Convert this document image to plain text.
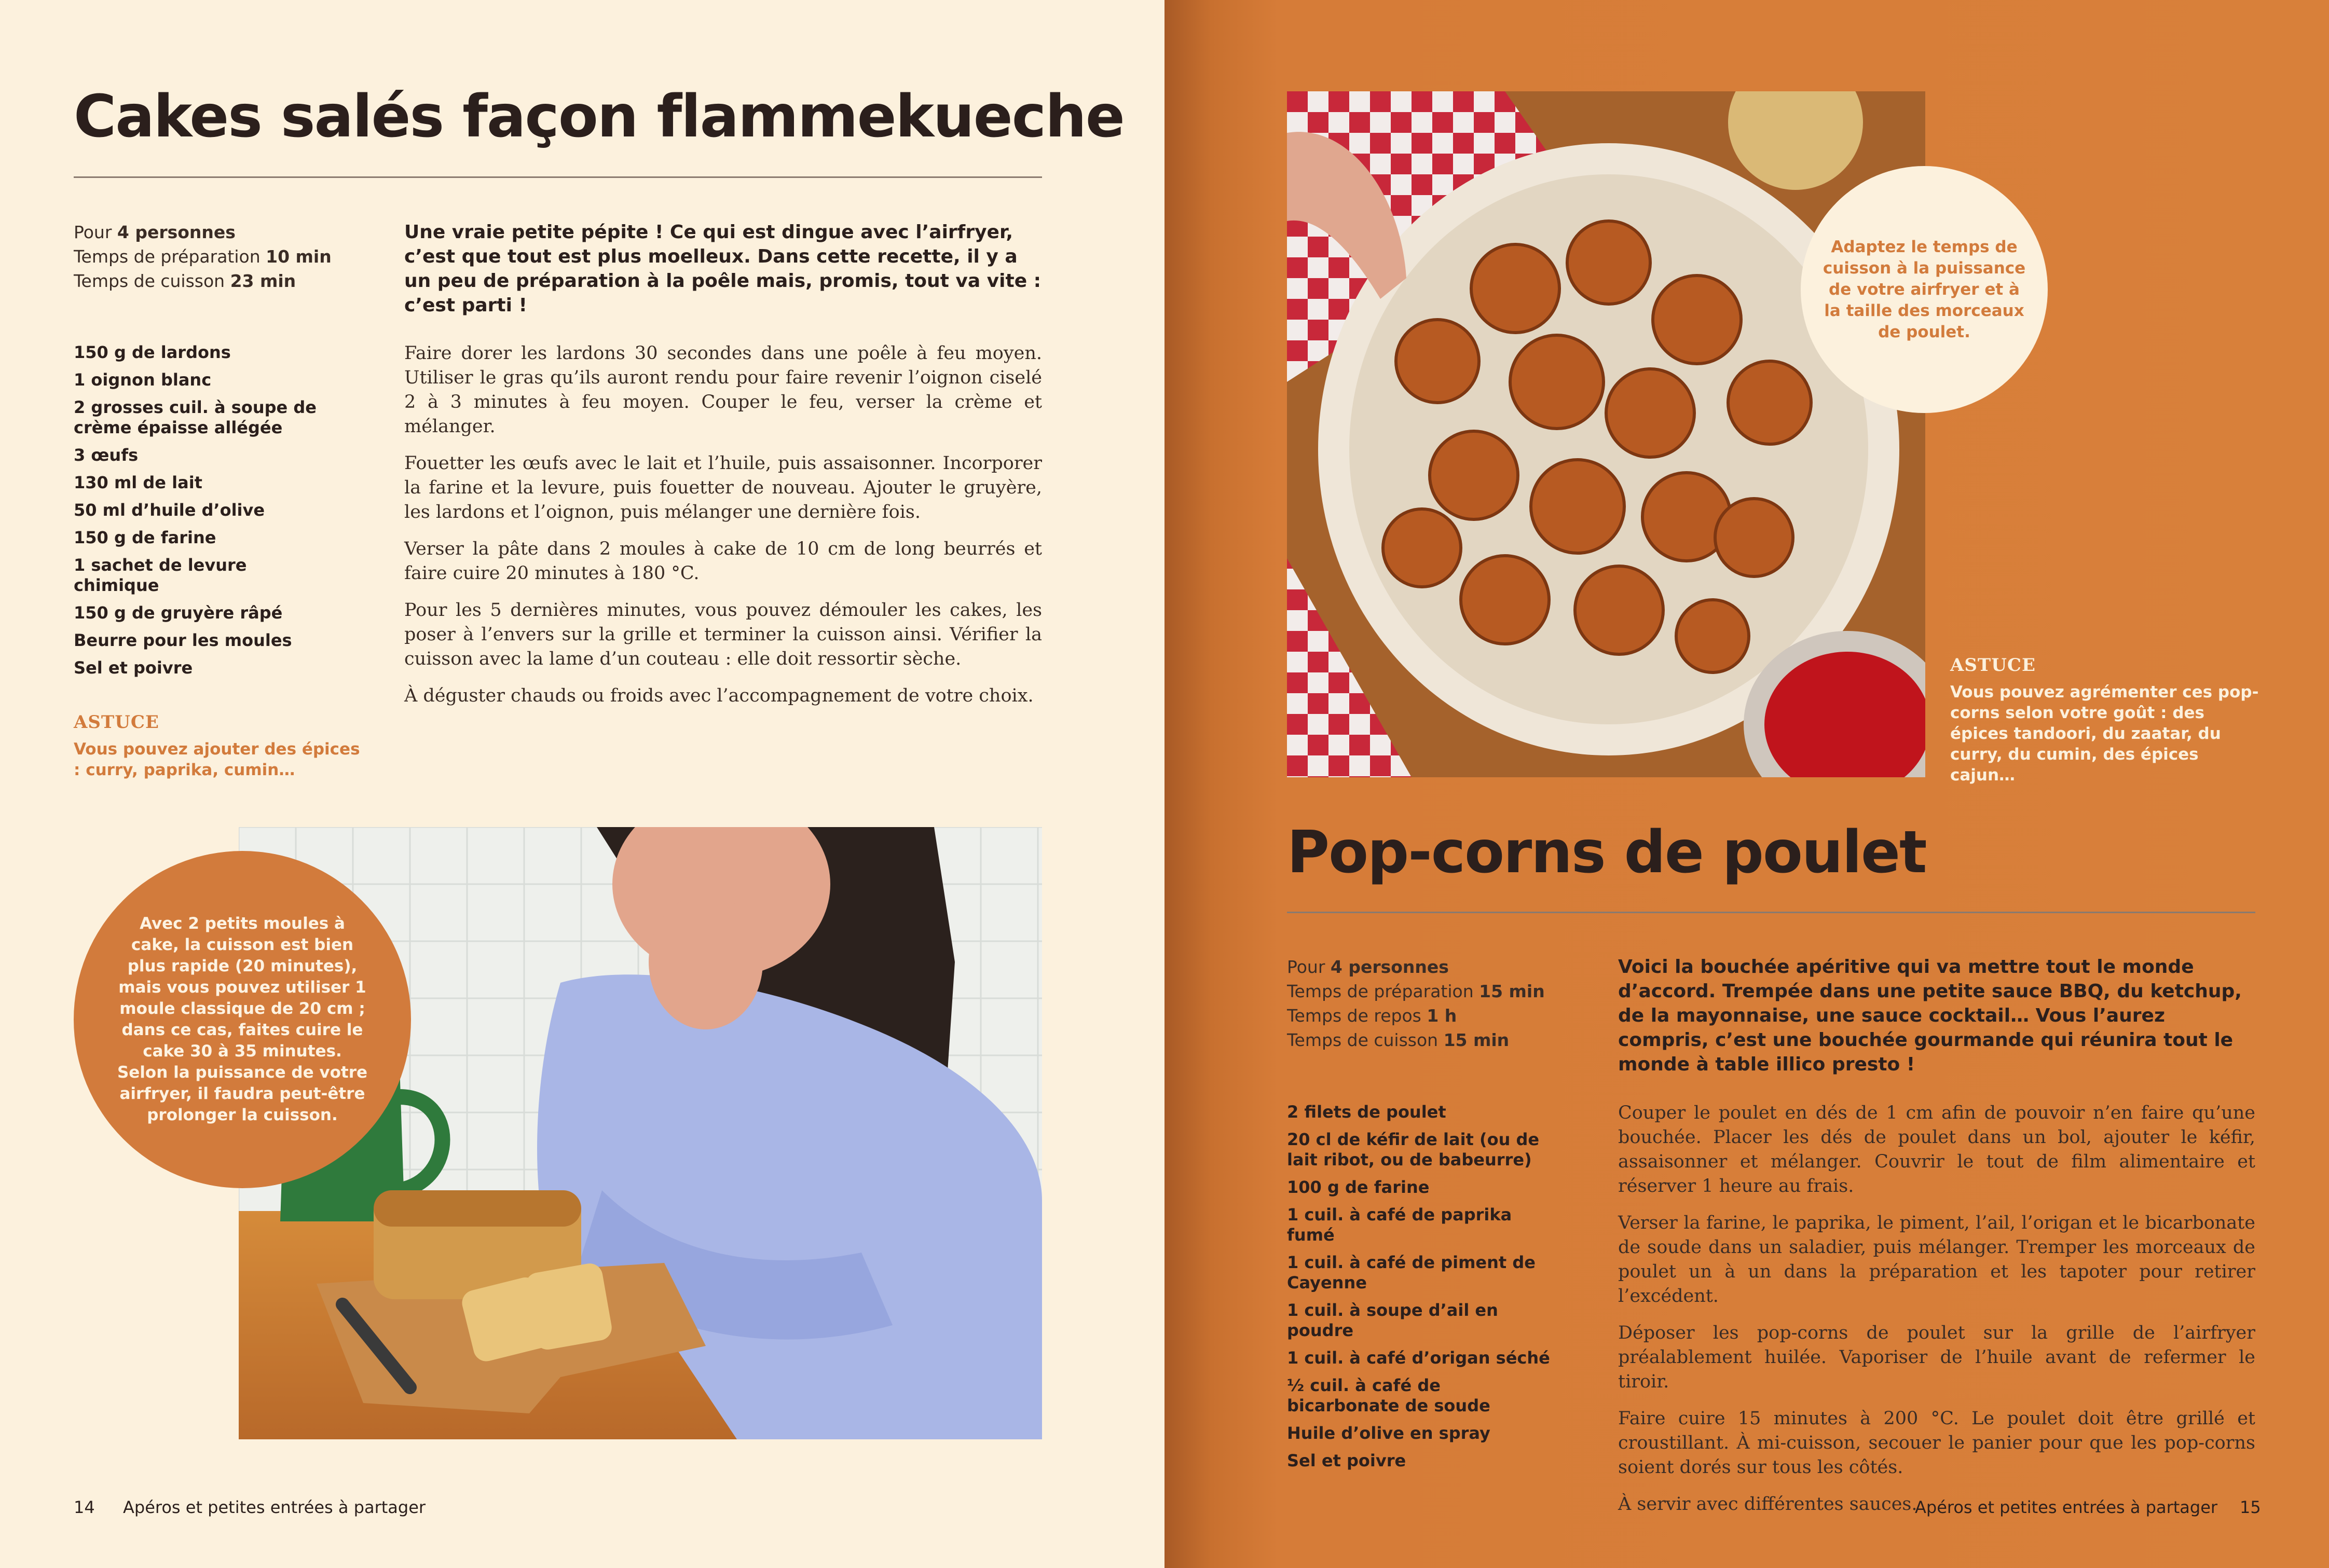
Cakes salés façon flammekueche
Pour 4 personnes
Temps de préparation 10 min
Temps de cuisson 23 min
Une vraie petite pépite ! Ce qui est dingue avec l’airfryer, c’est que tout est plus moelleux. Dans cette recette, il y a un peu de préparation à la poêle mais, promis, tout va vite : c’est parti !
150 g de lardons
1 oignon blanc
2 grosses cuil. à soupe de crème épaisse allégée
3 œufs
130 ml de lait
50 ml d’huile d’olive
150 g de farine
1 sachet de levure chimique
150 g de gruyère râpé
Beurre pour les moules
Sel et poivre

Faire dorer les lardons 30 secondes dans une poêle à feu moyen. Utiliser le gras qu’ils auront rendu pour faire revenir l’oignon ciselé 2 à 3 minutes à feu moyen. Couper le feu, verser la crème et mélanger.

Fouetter les œufs avec le lait et l’huile, puis assaisonner. Incorporer la farine et la levure, puis fouetter de nouveau. Ajouter le gruyère, les lardons et l’oignon, puis mélanger une dernière fois.

Verser la pâte dans 2 moules à cake de 10 cm de long beurrés et faire cuire 20 minutes à 180 °C.

Pour les 5 dernières minutes, vous pouvez démouler les cakes, les poser à l’envers sur la grille et terminer la cuisson ainsi. Vérifier la cuisson avec la lame d’un couteau : elle doit ressortir sèche.

À déguster chauds ou froids avec l’accompagnement de votre choix.

ASTUCE
Vous pouvez ajouter des épices : curry, paprika, cumin…
Avec 2 petits moules à cake, la cuisson est bien plus rapide (20 minutes), mais vous pouvez utiliser 1 moule classique de 20 cm ; dans ce cas, faites cuire le cake 30 à 35 minutes. Selon la puissance de votre airfryer, il faudra peut-être prolonger la cuisson.
14 Apéros et petites entrées à partager
Adaptez le temps de cuisson à la puissance de votre airfryer et à la taille des morceaux de poulet.
ASTUCE
Vous pouvez agrémenter ces pop-corns selon votre goût : des épices tandoori, du zaatar, du curry, du cumin, des épices cajun…
Pop-corns de poulet
Pour 4 personnes
Temps de préparation 15 min
Temps de repos 1 h
Temps de cuisson 15 min
Voici la bouchée apéritive qui va mettre tout le monde d’accord. Trempée dans une petite sauce BBQ, du ketchup, de la mayonnaise, une sauce cocktail… Vous l’aurez compris, c’est une bouchée gourmande qui réunira tout le monde à table illico presto !
2 filets de poulet
20 cl de kéfir de lait (ou de lait ribot, ou de babeurre)
100 g de farine
1 cuil. à café de paprika fumé
1 cuil. à café de piment de Cayenne
1 cuil. à soupe d’ail en poudre
1 cuil. à café d’origan séché
½ cuil. à café de bicarbonate de soude
Huile d’olive en spray
Sel et poivre

Couper le poulet en dés de 1 cm afin de pouvoir n’en faire qu’une bouchée. Placer les dés de poulet dans un bol, ajouter le kéfir, assaisonner et mélanger. Couvrir le tout de film alimentaire et réserver 1 heure au frais.

Verser la farine, le paprika, le piment, l’ail, l’origan et le bicarbonate de soude dans un saladier, puis mélanger. Tremper les morceaux de poulet un à un dans la préparation et les tapoter pour retirer l’excédent.

Déposer les pop-corns de poulet sur la grille de l’airfryer préalablement huilée. Vaporiser de l’huile avant de refermer le tiroir.

Faire cuire 15 minutes à 200 °C. Le poulet doit être grillé et croustillant. À mi-cuisson, secouer le panier pour que les pop-corns soient dorés sur tous les côtés.

À servir avec différentes sauces.

Apéros et petites entrées à partager 15
